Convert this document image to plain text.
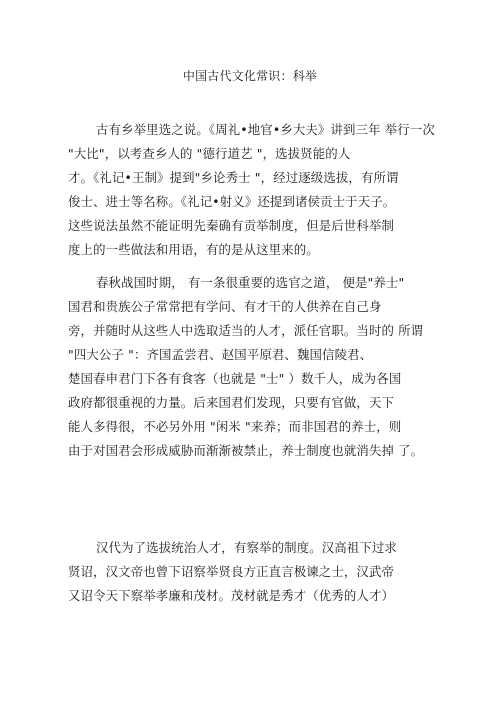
中国古代文化常识：科举
古有乡举里选之说。《周礼•地官•乡大夫》讲到三年 举行一次
"大比"，以考查乡人的 "德行道艺 "，选拔贤能的人
才。《礼记•王制》提到"乡论秀士 "，经过逐级选拔，有所谓
俊士、进士等名称。《礼记•射义》还提到诸侯贡士于天子。
这些说法虽然不能证明先秦确有贡举制度，但是后世科举制
度上的一些做法和用语，有的是从这里来的。
春秋战国时期， 有一条很重要的选官之道， 便是"养士"
国君和贵族公子常常把有学问、有才干的人供养在自己身
旁，并随时从这些人中选取适当的人才，派任官职。当时的 所谓
"四大公子 "：齐国孟尝君、赵国平原君、魏国信陵君、
楚国春申君门下各有食客（也就是 "士" ）数千人，成为各国
政府都很重视的力量。后来国君们发现，只要有官做，天下
能人多得很，不必另外用 "闲米 "来养；而非国君的养士，则
由于对国君会形成威胁而渐渐被禁止，养士制度也就消失掉 了。
汉代为了选拔统治人才，有察举的制度。汉高祖下过求
贤诏，汉文帝也曾下诏察举贤良方正直言极谏之士，汉武帝
又诏令天下察举孝廉和茂材。茂材就是秀才（优秀的人才）
